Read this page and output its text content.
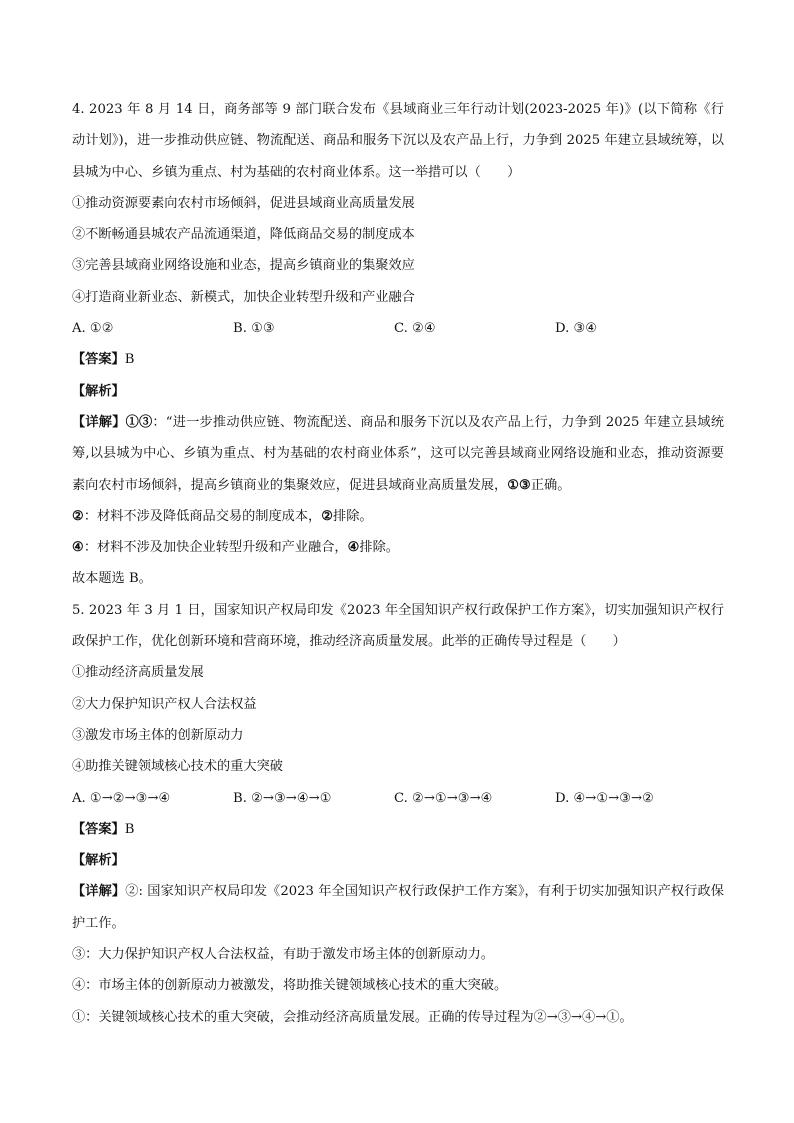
4. 2023 年 8 月 14 日，商务部等 9 部门联合发布《县域商业三年行动计划(2023-2025 年)》(以下简称《行动计划》)，进一步推动供应链、物流配送、商品和服务下沉以及农产品上行，力争到 2025 年建立县域统筹，以县城为中心、乡镇为重点、村为基础的农村商业体系。这一举措可以（　　）
①推动资源要素向农村市场倾斜，促进县域商业高质量发展
②不断畅通县城农产品流通渠道，降低商品交易的制度成本
③完善县域商业网络设施和业态，提高乡镇商业的集聚效应
④打造商业新业态、新模式，加快企业转型升级和产业融合
A. ①②	B. ①③	C. ②④	D. ③④
【答案】B
【解析】
【详解】①③：“进一步推动供应链、物流配送、商品和服务下沉以及农产品上行，力争到 2025 年建立县域统筹,以县城为中心、乡镇为重点、村为基础的农村商业体系”，这可以完善县域商业网络设施和业态，推动资源要素向农村市场倾斜，提高乡镇商业的集聚效应，促进县域商业高质量发展，①③正确。
②：材料不涉及降低商品交易的制度成本，②排除。
④：材料不涉及加快企业转型升级和产业融合，④排除。
故本题选 B。
5. 2023 年 3 月 1 日，国家知识产权局印发《2023 年全国知识产权行政保护工作方案》，切实加强知识产权行政保护工作，优化创新环境和营商环境，推动经济高质量发展。此举的正确传导过程是（　　）
①推动经济高质量发展
②大力保护知识产权人合法权益
③激发市场主体的创新原动力
④助推关键领域核心技术的重大突破
A. ①→②→③→④	B. ②→③→④→①	C. ②→①→③→④	D. ④→①→③→②
【答案】B
【解析】
【详解】②: 国家知识产权局印发《2023 年全国知识产权行政保护工作方案》，有利于切实加强知识产权行政保护工作。
③：大力保护知识产权人合法权益，有助于激发市场主体的创新原动力。
④：市场主体的创新原动力被激发，将助推关键领域核心技术的重大突破。
①：关键领域核心技术的重大突破，会推动经济高质量发展。正确的传导过程为②→③→④→①。
